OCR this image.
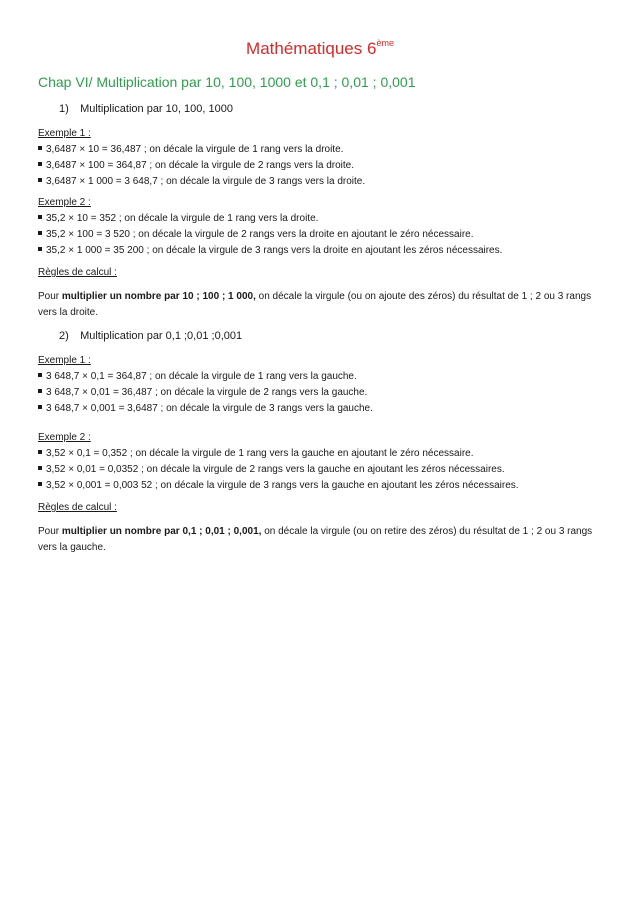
Mathématiques 6ème
Chap VI/ Multiplication par 10, 100, 1000 et 0,1 ; 0,01 ; 0,001
1) Multiplication par 10, 100, 1000
Exemple 1 :
3,6487 × 10 = 36,487 ; on décale la virgule de 1 rang vers la droite.
3,6487 × 100 = 364,87 ; on décale la virgule de 2 rangs vers la droite.
3,6487 × 1 000 = 3 648,7 ; on décale la virgule de 3 rangs vers la droite.
Exemple 2 :
35,2 × 10 = 352 ; on décale la virgule de 1 rang vers la droite.
35,2 × 100 = 3 520 ; on décale la virgule de 2 rangs vers la droite en ajoutant le zéro nécessaire.
35,2 × 1 000 = 35 200 ; on décale la virgule de 3 rangs vers la droite en ajoutant les zéros nécessaires.
Règles de calcul :
Pour multiplier un nombre par 10 ; 100 ; 1 000, on décale la virgule (ou on ajoute des zéros) du résultat de 1 ; 2 ou 3 rangs vers la droite.
2) Multiplication par 0,1 ;0,01 ;0,001
Exemple 1 :
3 648,7 × 0,1 = 364,87 ; on décale la virgule de 1 rang vers la gauche.
3 648,7 × 0,01 = 36,487 ; on décale la virgule de 2 rangs vers la gauche.
3 648,7 × 0,001 = 3,6487 ; on décale la virgule de 3 rangs vers la gauche.
Exemple 2 :
3,52 × 0,1 = 0,352 ; on décale la virgule de 1 rang vers la gauche en ajoutant le zéro nécessaire.
3,52 × 0,01 = 0,0352 ; on décale la virgule de 2 rangs vers la gauche en ajoutant les zéros nécessaires.
3,52 × 0,001 = 0,003 52 ; on décale la virgule de 3 rangs vers la gauche en ajoutant les zéros nécessaires.
Règles de calcul :
Pour multiplier un nombre par 0,1 ; 0,01 ; 0,001, on décale la virgule (ou on retire des zéros) du résultat de 1 ; 2 ou 3 rangs vers la gauche.
